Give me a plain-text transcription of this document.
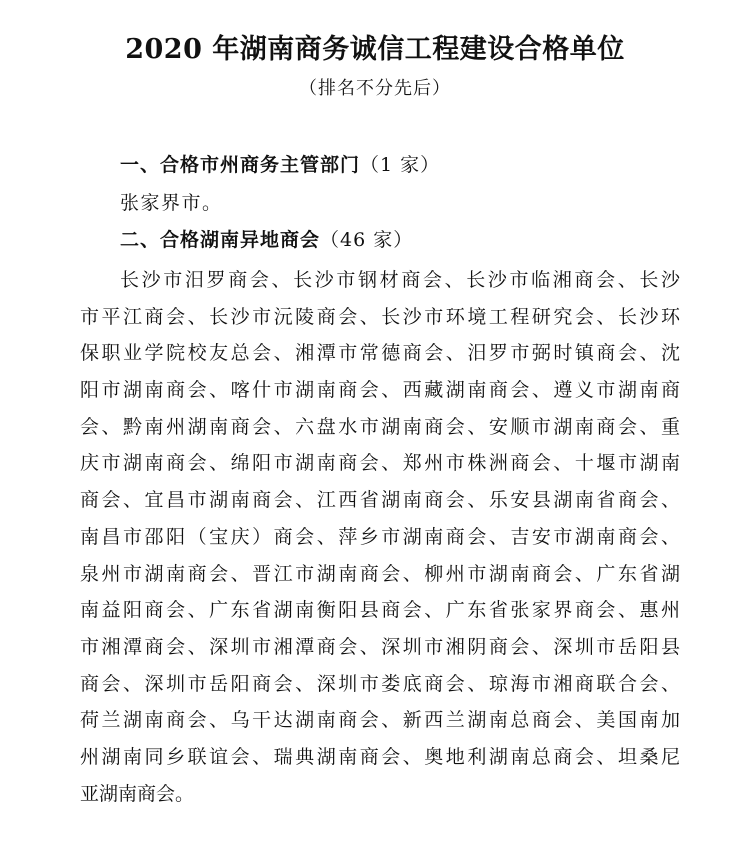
2020 年湖南商务诚信工程建设合格单位
（排名不分先后）
一、合格市州商务主管部门（1 家）
张家界市。
二、合格湖南异地商会（46 家）
长沙市汨罗商会、长沙市钢材商会、长沙市临湘商会、长沙
市平江商会、长沙市沅陵商会、长沙市环境工程研究会、长沙环
保职业学院校友总会、湘潭市常德商会、汨罗市弼时镇商会、沈
阳市湖南商会、喀什市湖南商会、西藏湖南商会、遵义市湖南商
会、黔南州湖南商会、六盘水市湖南商会、安顺市湖南商会、重
庆市湖南商会、绵阳市湖南商会、郑州市株洲商会、十堰市湖南
商会、宜昌市湖南商会、江西省湖南商会、乐安县湖南省商会、
南昌市邵阳（宝庆）商会、萍乡市湖南商会、吉安市湖南商会、
泉州市湖南商会、晋江市湖南商会、柳州市湖南商会、广东省湖
南益阳商会、广东省湖南衡阳县商会、广东省张家界商会、惠州
市湘潭商会、深圳市湘潭商会、深圳市湘阴商会、深圳市岳阳县
商会、深圳市岳阳商会、深圳市娄底商会、琼海市湘商联合会、
荷兰湖南商会、乌干达湖南商会、新西兰湖南总商会、美国南加
州湖南同乡联谊会、瑞典湖南商会、奥地利湖南总商会、坦桑尼
亚湖南商会。
